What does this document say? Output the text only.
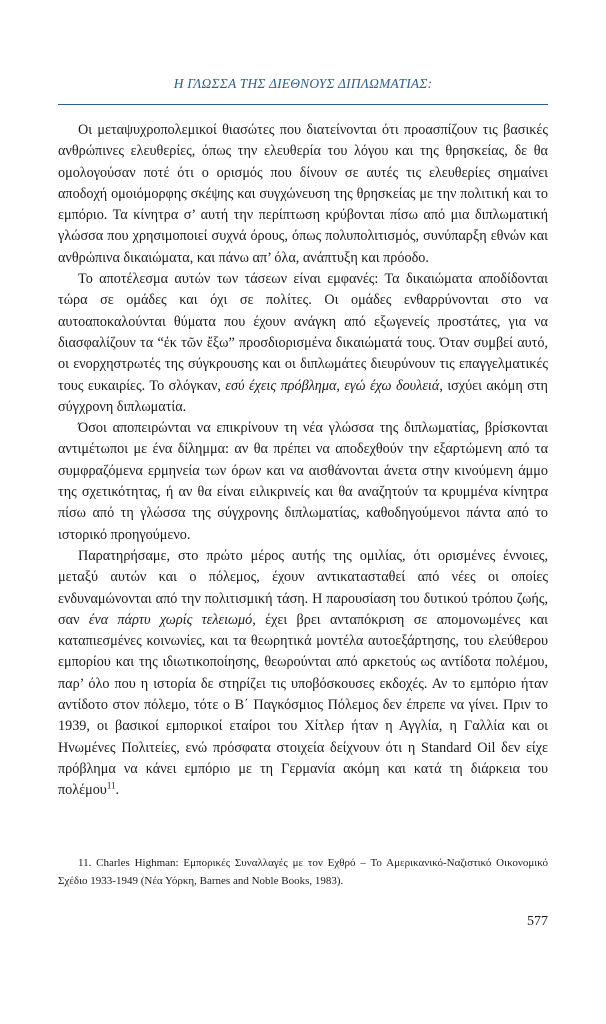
Η ΓΛΩΣΣΑ ΤΗΣ ΔΙΕΘΝΟΥΣ ΔΙΠΛΩΜΑΤΙΑΣ:

Οι μεταψυχροπολεμικοί θιασώτες που διατείνονται ότι προασπίζουν τις βασικές ανθρώπινες ελευθερίες, όπως την ελευθερία του λόγου και της θρησκείας, δε θα ομολογούσαν ποτέ ότι ο ορισμός που δίνουν σε αυτές τις ελευθερίες σημαίνει αποδοχή ομοιόμορφης σκέψης και συγχώνευση της θρησκείας με την πολιτική και το εμπόριο. Τα κίνητρα σ’ αυτή την περίπτωση κρύβονται πίσω από μια διπλωματική γλώσσα που χρησιμοποιεί συχνά όρους, όπως πολυπολιτισμός, συνύπαρξη εθνών και ανθρώπινα δικαιώματα, και πάνω απ’ όλα, ανάπτυξη και πρόοδο.

Το αποτέλεσμα αυτών των τάσεων είναι εμφανές: Τα δικαιώματα αποδίδονται τώρα σε ομάδες και όχι σε πολίτες. Οι ομάδες ενθαρρύνονται στο να αυτοαποκαλούνται θύματα που έχουν ανάγκη από εξωγενείς προστάτες, για να διασφαλίζουν τα “ἐκ τῶν ἔξω” προσδιορισμένα δικαιώματά τους. Όταν συμβεί αυτό, οι ενορχηστρωτές της σύγκρουσης και οι διπλωμάτες διευρύνουν τις επαγγελματικές τους ευκαιρίες. Το σλόγκαν, εσύ έχεις πρόβλημα, εγώ έχω δουλειά, ισχύει ακόμη στη σύγχρονη διπλωματία.

Όσοι αποπειρώνται να επικρίνουν τη νέα γλώσσα της διπλωματίας, βρίσκονται αντιμέτωποι με ένα δίλημμα: αν θα πρέπει να αποδεχθούν την εξαρτώμενη από τα συμφραζόμενα ερμηνεία των όρων και να αισθάνονται άνετα στην κινούμενη άμμο της σχετικότητας, ή αν θα είναι ειλικρινείς και θα αναζητούν τα κρυμμένα κίνητρα πίσω από τη γλώσσα της σύγχρονης διπλωματίας, καθοδηγούμενοι πάντα από το ιστορικό προηγούμενο.

Παρατηρήσαμε, στο πρώτο μέρος αυτής της ομιλίας, ότι ορισμένες έννοιες, μεταξύ αυτών και ο πόλεμος, έχουν αντικατασταθεί από νέες οι οποίες ενδυναμώνονται από την πολιτισμική τάση. Η παρουσίαση του δυτικού τρόπου ζωής, σαν ένα πάρτυ χωρίς τελειωμό, έχει βρει ανταπόκριση σε απομονωμένες και καταπιεσμένες κοινωνίες, και τα θεωρητικά μοντέλα αυτοεξάρτησης, του ελεύθερου εμπορίου και της ιδιωτικοποίησης, θεωρούνται από αρκετούς ως αντίδοτα πολέμου, παρ’ όλο που η ιστορία δε στηρίζει τις υποβόσκουσες εκδοχές. Αν το εμπόριο ήταν αντίδοτο στον πόλεμο, τότε ο Β΄ Παγκόσμιος Πόλεμος δεν έπρεπε να γίνει. Πριν το 1939, οι βασικοί εμπορικοί εταίροι του Χίτλερ ήταν η Αγγλία, η Γαλλία και οι Ηνωμένες Πολιτείες, ενώ πρόσφατα στοιχεία δείχνουν ότι η Standard Oil δεν είχε πρόβλημα να κάνει εμπόριο με τη Γερμανία ακόμη και κατά τη διάρκεια του πολέμου$^{11}$.

11. Charles Highman: Εμπορικές Συναλλαγές με τον Εχθρό – Το Αμερικανικό-Ναζιστικό Οικονομικό Σχέδιο 1933-1949 (Νέα Υόρκη, Barnes and Noble Books, 1983).
577
